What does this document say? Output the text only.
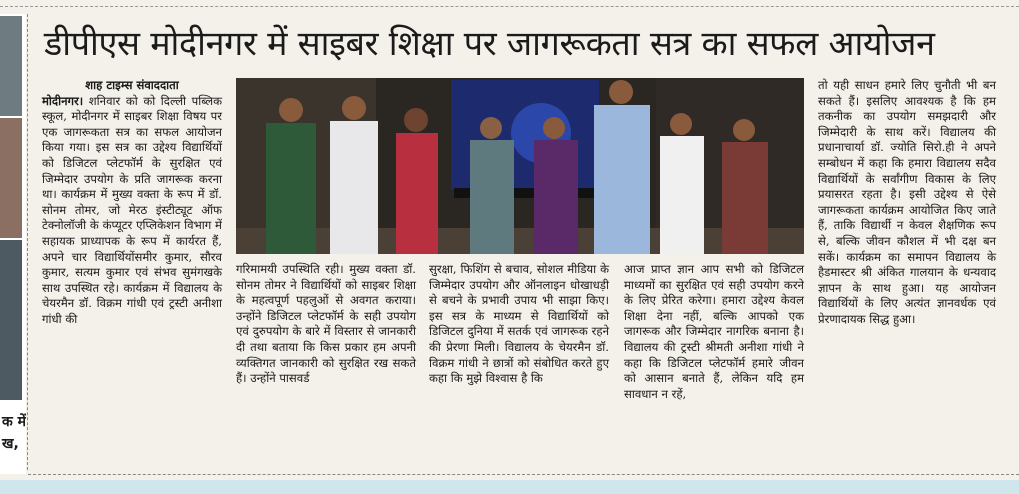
क में
ख,
डीपीएस मोदीनगर में साइबर शिक्षा पर जागरूकता सत्र का सफल आयोजन

शाह टाइम्स संवाददाता

मोदीनगर। शनिवार को को दिल्ली पब्लिक स्कूल, मोदीनगर में साइबर शिक्षा विषय पर एक जागरूकता सत्र का सफल आयोजन किया गया। इस सत्र का उद्देश्य विद्यार्थियों को डिजिटल प्लेटफॉर्म के सुरक्षित एवं जिम्मेदार उपयोग के प्रति जागरूक करना था। कार्यक्रम में मुख्य वक्ता के रूप में डॉ. सोनम तोमर, जो मेरठ इंस्टीट्यूट ऑफ टेक्नोलॉजी के कंप्यूटर एप्लिकेशन विभाग में सहायक प्राध्यापक के रूप में कार्यरत हैं, अपने चार विद्यार्थियोंसमीर कुमार, सौरव कुमार, सत्यम कुमार एवं संभव सुमंगखके साथ उपस्थित रहे। कार्यक्रम में विद्यालय के चेयरमैन डॉ. विक्रम गांधी एवं ट्रस्टी अनीशा गांधी की

गरिमामयी उपस्थिति रही। मुख्य वक्ता डॉ. सोनम तोमर ने विद्यार्थियों को साइबर शिक्षा के महत्वपूर्ण पहलुओं से अवगत कराया। उन्होंने डिजिटल प्लेटफॉर्म के सही उपयोग एवं दुरुपयोग के बारे में विस्तार से जानकारी दी तथा बताया कि किस प्रकार हम अपनी व्यक्तिगत जानकारी को सुरक्षित रख सकते हैं। उन्होंने पासवर्ड

सुरक्षा, फिशिंग से बचाव, सोशल मीडिया के जिम्मेदार उपयोग और ऑनलाइन धोखाधड़ी से बचने के प्रभावी उपाय भी साझा किए। इस सत्र के माध्यम से विद्यार्थियों को डिजिटल दुनिया में सतर्क एवं जागरूक रहने की प्रेरणा मिली। विद्यालय के चेयरमैन डॉ. विक्रम गांधी ने छात्रों को संबोधित करते हुए कहा कि मुझे विश्वास है कि

आज प्राप्त ज्ञान आप सभी को डिजिटल माध्यमों का सुरक्षित एवं सही उपयोग करने के लिए प्रेरित करेगा। हमारा उद्देश्य केवल शिक्षा देना नहीं, बल्कि आपको एक जागरूक और जिम्मेदार नागरिक बनाना है। विद्यालय की ट्रस्टी श्रीमती अनीशा गांधी ने कहा कि डिजिटल प्लेटफॉर्म हमारे जीवन को आसान बनाते हैं, लेकिन यदि हम सावधान न रहें,

तो यही साधन हमारे लिए चुनौती भी बन सकते हैं। इसलिए आवश्यक है कि हम तकनीक का उपयोग समझदारी और जिम्मेदारी के साथ करें। विद्यालय की प्रधानाचार्या डॉ. ज्योति सिरो.ही ने अपने सम्बोधन में कहा कि हमारा विद्यालय सदैव विद्यार्थियों के सर्वांगीण विकास के लिए प्रयासरत रहता है। इसी उद्देश्य से ऐसे जागरूकता कार्यक्रम आयोजित किए जाते हैं, ताकि विद्यार्थी न केवल शैक्षणिक रूप से, बल्कि जीवन कौशल में भी दक्ष बन सकें। कार्यक्रम का समापन विद्यालय के हैडमास्टर श्री अंकित गालयान के धन्यवाद ज्ञापन के साथ हुआ। यह आयोजन विद्यार्थियों के लिए अत्यंत ज्ञानवर्धक एवं प्रेरणादायक सिद्ध हुआ।
